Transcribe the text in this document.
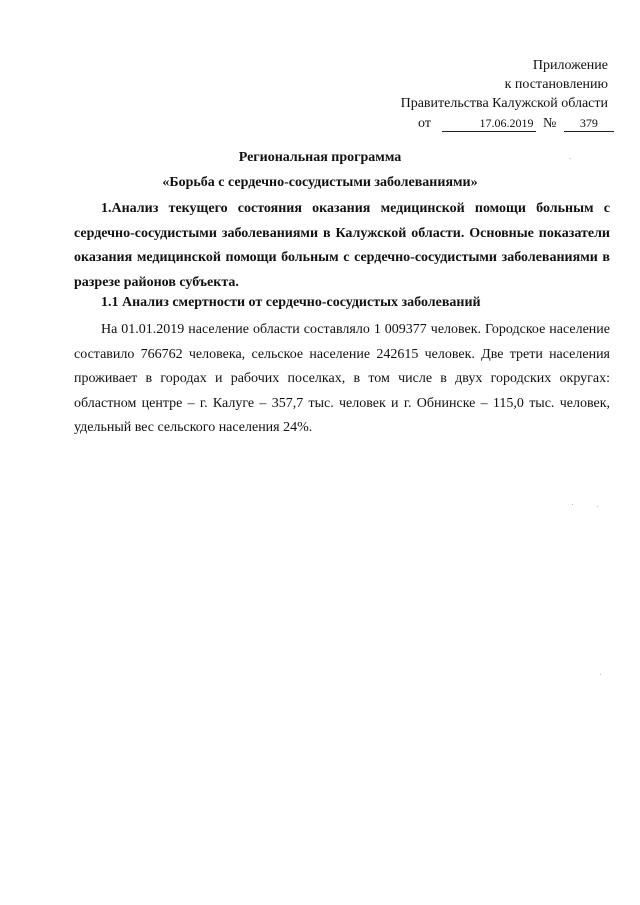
Приложение
к постановлению
Правительства Калужской области
от	17.06.2019 № 379
Региональная программа
«Борьба с сердечно-сосудистыми заболеваниями»

1.Анализ текущего состояния оказания медицинской помощи больным с сердечно-сосудистыми заболеваниями в Калужской области. Основные показатели оказания медицинской помощи больным с сердечно-сосудистыми заболеваниями в разрезе районов субъекта.

1.1 Анализ смертности от сердечно-сосудистых заболеваний

На 01.01.2019 население области составляло 1 009377 человек. Городское население составило 766762 человека, сельское население 242615 человек. Две трети населения проживает в городах и рабочих поселках, в том числе в двух городских округах: областном центре – г. Калуге – 357,7 тыс. человек и г. Обнинске – 115,0 тыс. человек, удельный вес сельского населения 24%.
